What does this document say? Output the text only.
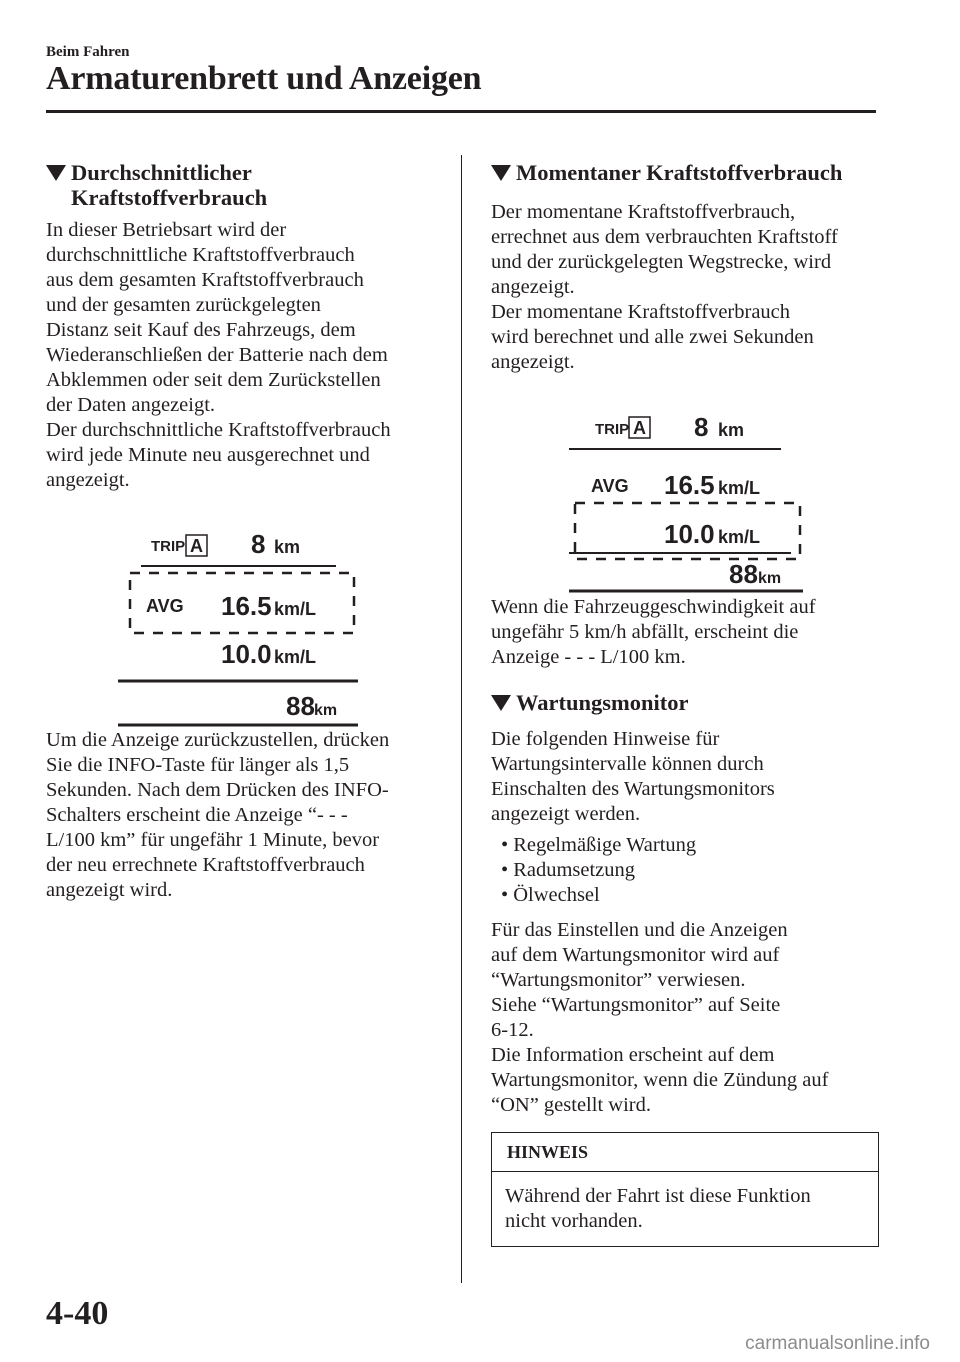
Beim Fahren
Armaturenbrett und Anzeigen
Durchschnittlicher
Kraftstoffverbrauch

In dieser Betriebsart wird der
durchschnittliche Kraftstoffverbrauch
aus dem gesamten Kraftstoffverbrauch
und der gesamten zurückgelegten
Distanz seit Kauf des Fahrzeugs, dem
Wiederanschließen der Batterie nach dem
Abklemmen oder seit dem Zurückstellen
der Daten angezeigt.
Der durchschnittliche Kraftstoffverbrauch
wird jede Minute neu ausgerechnet und
angezeigt.

TRIP A 8 km
AVG 16.5 km/L
10.0 km/L
88 km

Um die Anzeige zurückzustellen, drücken
Sie die INFO-Taste für länger als 1,5
Sekunden. Nach dem Drücken des INFO-
Schalters erscheint die Anzeige “- - -
L/100 km” für ungefähr 1 Minute, bevor
der neu errechnete Kraftstoffverbrauch
angezeigt wird.

Momentaner Kraftstoffverbrauch

Der momentane Kraftstoffverbrauch,
errechnet aus dem verbrauchten Kraftstoff
und der zurückgelegten Wegstrecke, wird
angezeigt.
Der momentane Kraftstoffverbrauch
wird berechnet und alle zwei Sekunden
angezeigt.

TRIP A 8 km
AVG 16.5 km/L
10.0 km/L
88 km

Wenn die Fahrzeuggeschwindigkeit auf
ungefähr 5 km/h abfällt, erscheint die
Anzeige - - - L/100 km.

Wartungsmonitor

Die folgenden Hinweise für
Wartungsintervalle können durch
Einschalten des Wartungsmonitors
angezeigt werden.

• Regelmäßige Wartung
• Radumsetzung
• Ölwechsel

Für das Einstellen und die Anzeigen
auf dem Wartungsmonitor wird auf
“Wartungsmonitor” verwiesen.
Siehe “Wartungsmonitor” auf Seite
6-12.
Die Information erscheint auf dem
Wartungsmonitor, wenn die Zündung auf
“ON” gestellt wird.

HINWEIS

Während der Fahrt ist diese Funktion
nicht vorhanden.

4-40
carmanualsonline.info
